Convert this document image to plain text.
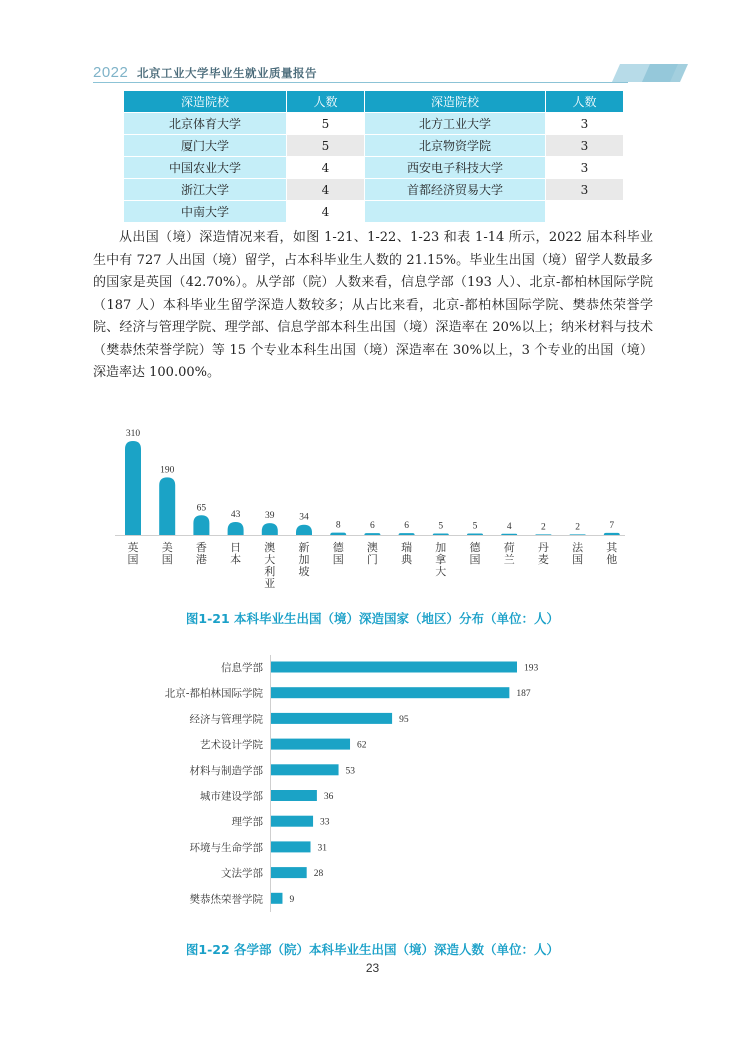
2022 北京工业大学毕业生就业质量报告
深造院校	人数	深造院校	人数
北京体育大学	5	北方工业大学	3
厦门大学	5	北京物资学院	3
中国农业大学	4	西安电子科技大学	3
浙江大学	4	首都经济贸易大学	3
中南大学	4		

从出国（境）深造情况来看，如图 1-21、1-22、1-23 和表 1-14 所示，2022 届本科毕业生中有 727 人出国（境）留学，占本科毕业生人数的 21.15%。毕业生出国（境）留学人数最多的国家是英国（42.70%）。从学部（院）人数来看，信息学部（193 人）、北京-都柏林国际学院（187 人）本科毕业生留学深造人数较多；从占比来看，北京-都柏林国际学院、樊恭烋荣誉学院、经济与管理学院、理学部、信息学部本科生出国（境）深造率在 20%以上；纳米材料与技术（樊恭烋荣誉学院）等 15 个专业本科生出国（境）深造率在 30%以上，3 个专业的出国（境）深造率达 100.00%。

310
英
国
190
美
国
65
香
港
43
日
本
39
澳
大
利
亚
34
新
加
坡
8
德
国
6
澳
门
6
瑞
典
5
加
拿
大
5
德
国
4
荷
兰
2
丹
麦
2
法
国
7
其
他
图1-21 本科毕业生出国（境）深造国家（地区）分布（单位：人）
信息学部	193
北京-都柏林国际学院	187
经济与管理学院	95
艺术设计学院	62
材料与制造学部	53
城市建设学部	36
理学部	33
环境与生命学部	31
文法学部	28
樊恭烋荣誉学院	9
图1-22 各学部（院）本科毕业生出国（境）深造人数（单位：人）
23
